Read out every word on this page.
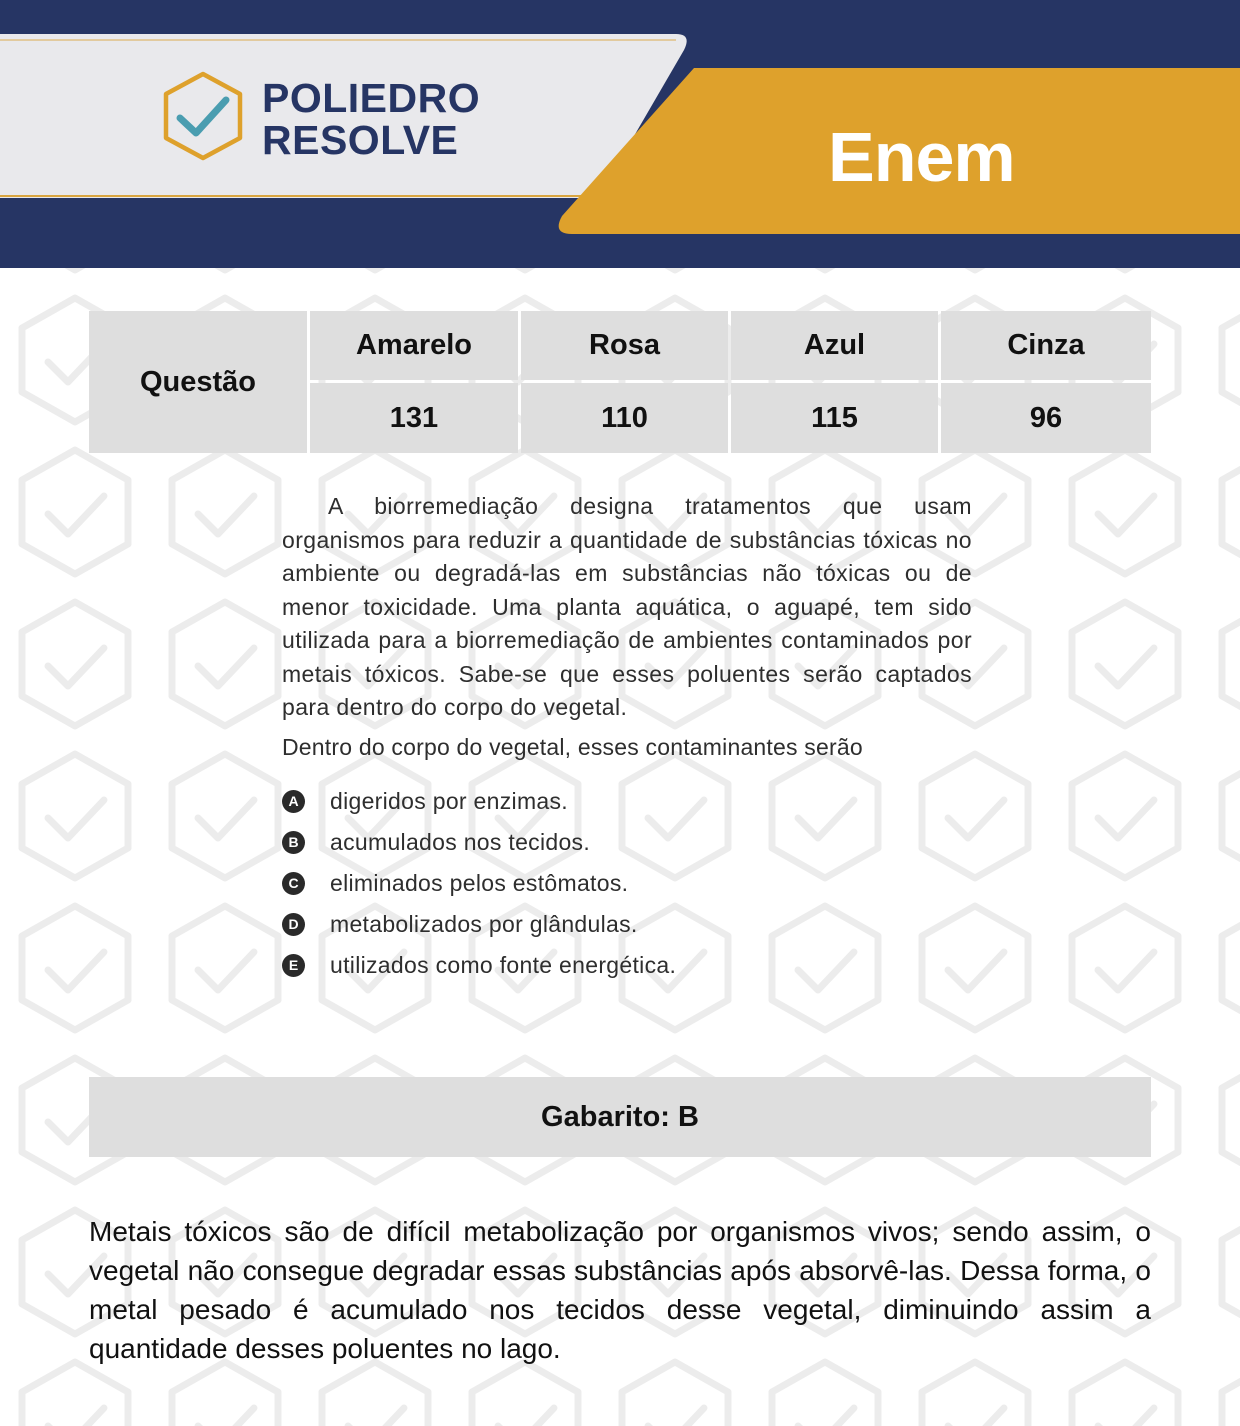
POLIEDRO
RESOLVE	Enem
Questão
Amarelo	Rosa	Azul	Cinza
131	110	115	96

A biorremediação designa tratamentos que usam organismos para reduzir a quantidade de substâncias tóxicas no ambiente ou degradá-las em substâncias não tóxicas ou de menor toxicidade. Uma planta aquática, o aguapé, tem sido utilizada para a biorremediação de ambientes contaminados por metais tóxicos. Sabe-se que esses poluentes serão captados para dentro do corpo do vegetal.

Dentro do corpo do vegetal, esses contaminantes serão

A digeridos por enzimas.
B acumulados nos tecidos.
C eliminados pelos estômatos.
D metabolizados por glândulas.
E utilizados como fonte energética.
Gabarito: B

Metais tóxicos são de difícil metabolização por organismos vivos; sendo assim, o vegetal não consegue degradar essas substâncias após absorvê-las. Dessa forma, o metal pesado é acumulado nos tecidos desse vegetal, diminuindo assim a quantidade desses poluentes no lago.
